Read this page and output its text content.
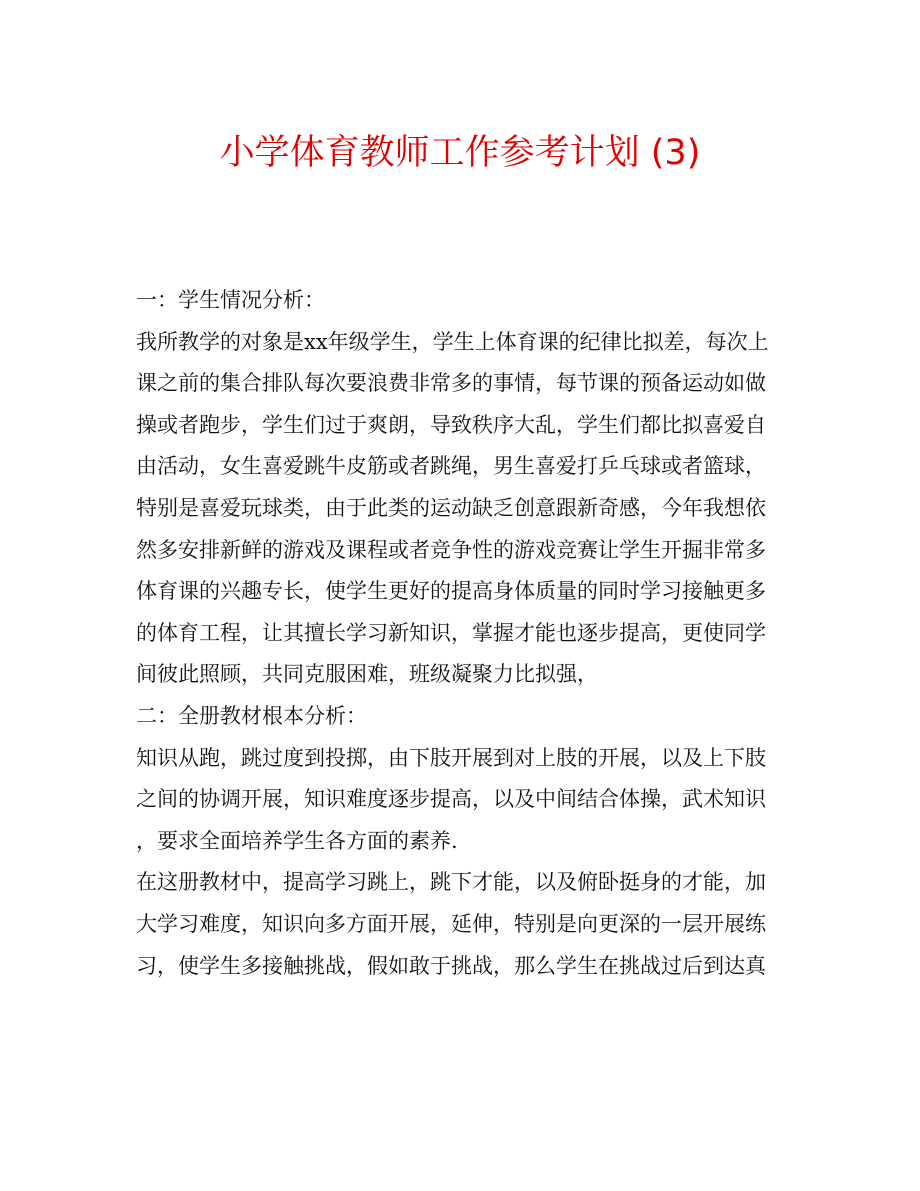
小学体育教师工作参考计划 (3)
一：学生情况分析：
我所教学的对象是xx年级学生，学生上体育课的纪律比拟差，每次上
课之前的集合排队每次要浪费非常多的事情，每节课的预备运动如做
操或者跑步，学生们过于爽朗，导致秩序大乱，学生们都比拟喜爱自
由活动，女生喜爱跳牛皮筋或者跳绳，男生喜爱打乒乓球或者篮球，
特别是喜爱玩球类，由于此类的运动缺乏创意跟新奇感，今年我想依
然多安排新鲜的游戏及课程或者竞争性的游戏竞赛让学生开掘非常多
体育课的兴趣专长，使学生更好的提高身体质量的同时学习接触更多
的体育工程，让其擅长学习新知识，掌握才能也逐步提高，更使同学
间彼此照顾，共同克服困难，班级凝聚力比拟强，
二：全册教材根本分析：
知识从跑，跳过度到投掷，由下肢开展到对上肢的开展，以及上下肢
之间的协调开展，知识难度逐步提高，以及中间结合体操，武术知识
，要求全面培养学生各方面的素养.
在这册教材中，提高学习跳上，跳下才能，以及俯卧挺身的才能，加
大学习难度，知识向多方面开展，延伸，特别是向更深的一层开展练
习，使学生多接触挑战，假如敢于挑战，那么学生在挑战过后到达真
